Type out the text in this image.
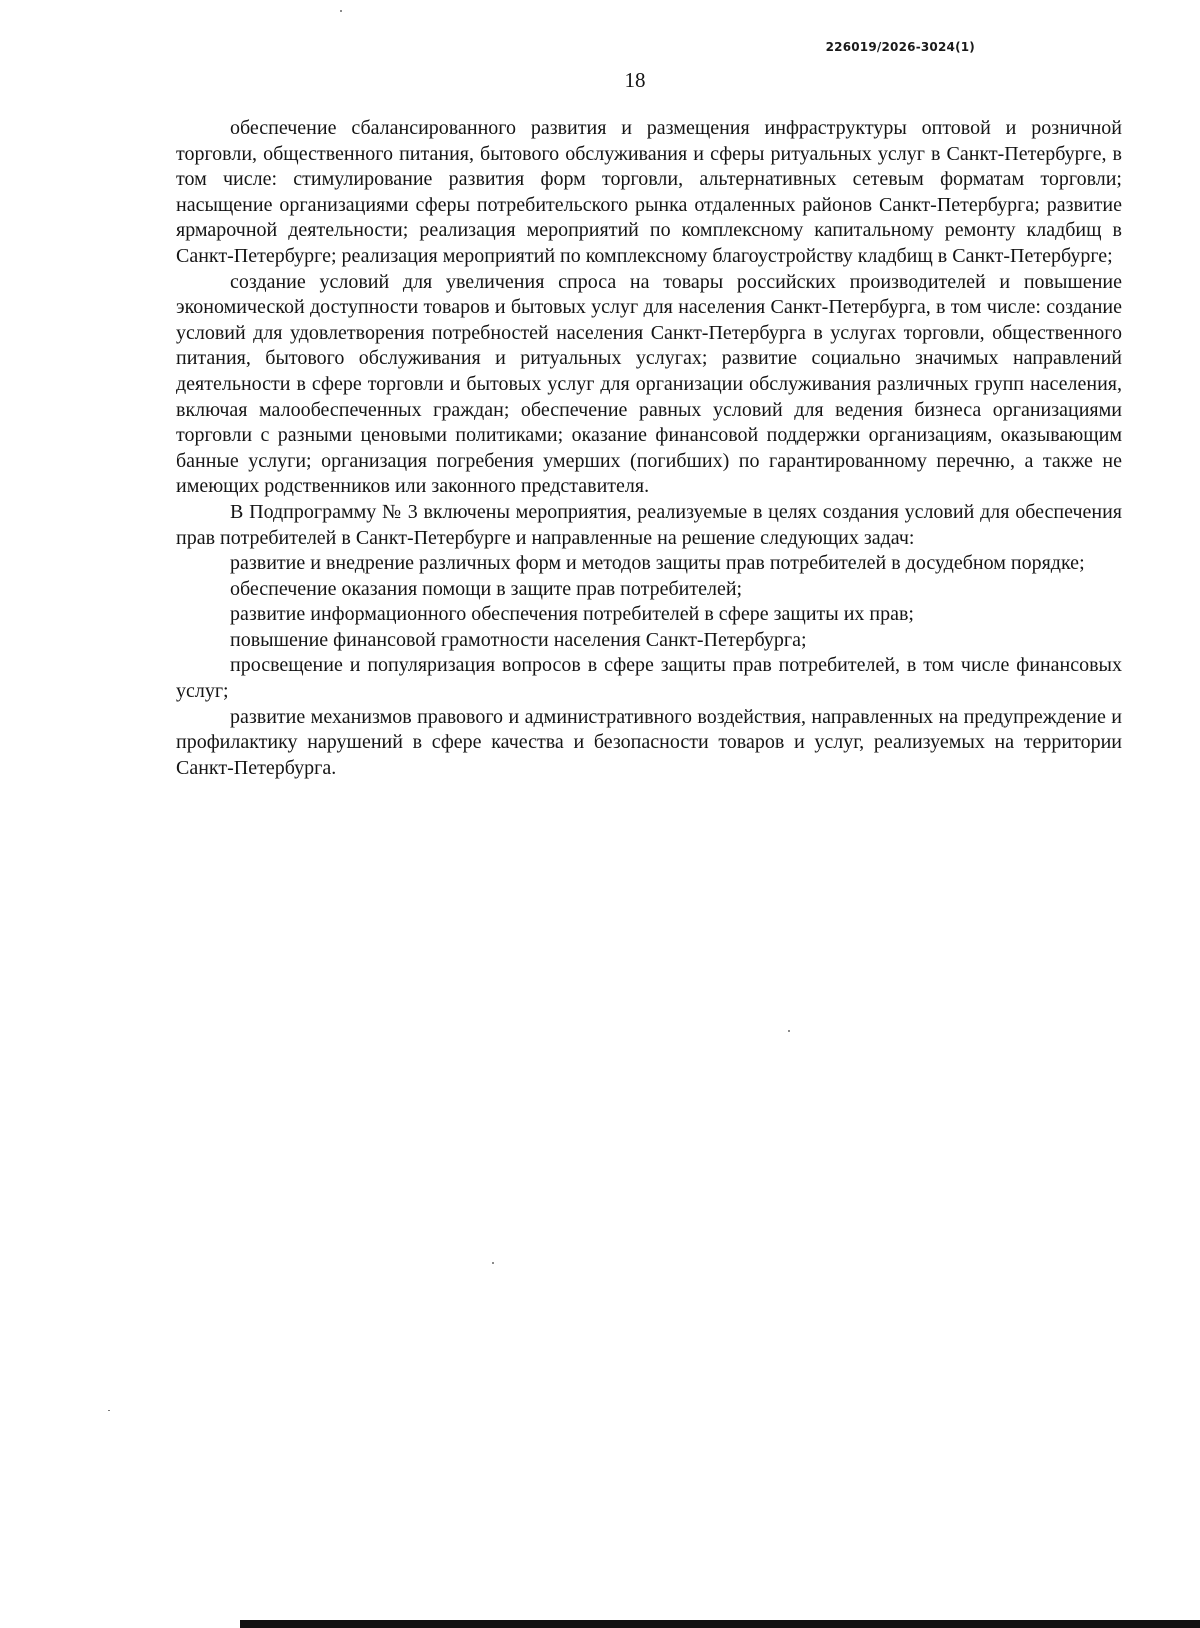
226019/2026-3024(1)
18

обеспечение сбалансированного развития и размещения инфраструктуры оптовой и розничной торговли, общественного питания, бытового обслуживания и сферы ритуальных услуг в Санкт-Петербурге, в том числе: стимулирование развития форм торговли, альтернативных сетевым форматам торговли; насыщение организациями сферы потребительского рынка отдаленных районов Санкт-Петербурга; развитие ярмарочной деятельности; реализация мероприятий по комплексному капитальному ремонту кладбищ в Санкт-Петербурге; реализация мероприятий по комплексному благоустройству кладбищ в Санкт-Петербурге;

создание условий для увеличения спроса на товары российских производителей и повышение экономической доступности товаров и бытовых услуг для населения Санкт-Петербурга, в том числе: создание условий для удовлетворения потребностей населения Санкт-Петербурга в услугах торговли, общественного питания, бытового обслуживания и ритуальных услугах; развитие социально значимых направлений деятельности в сфере торговли и бытовых услуг для организации обслуживания различных групп населения, включая малообеспеченных граждан; обеспечение равных условий для ведения бизнеса организациями торговли с разными ценовыми политиками; оказание финансовой поддержки организациям, оказывающим банные услуги; организация погребения умерших (погибших) по гарантированному перечню, а также не имеющих родственников или законного представителя.

В Подпрограмму № 3 включены мероприятия, реализуемые в целях создания условий для обеспечения прав потребителей в Санкт-Петербурге и направленные на решение следующих задач:

развитие и внедрение различных форм и методов защиты прав потребителей в досудебном порядке;

обеспечение оказания помощи в защите прав потребителей;

развитие информационного обеспечения потребителей в сфере защиты их прав;

повышение финансовой грамотности населения Санкт-Петербурга;

просвещение и популяризация вопросов в сфере защиты прав потребителей, в том числе финансовых услуг;

развитие механизмов правового и административного воздействия, направленных на предупреждение и профилактику нарушений в сфере качества и безопасности товаров и услуг, реализуемых на территории Санкт-Петербурга.
